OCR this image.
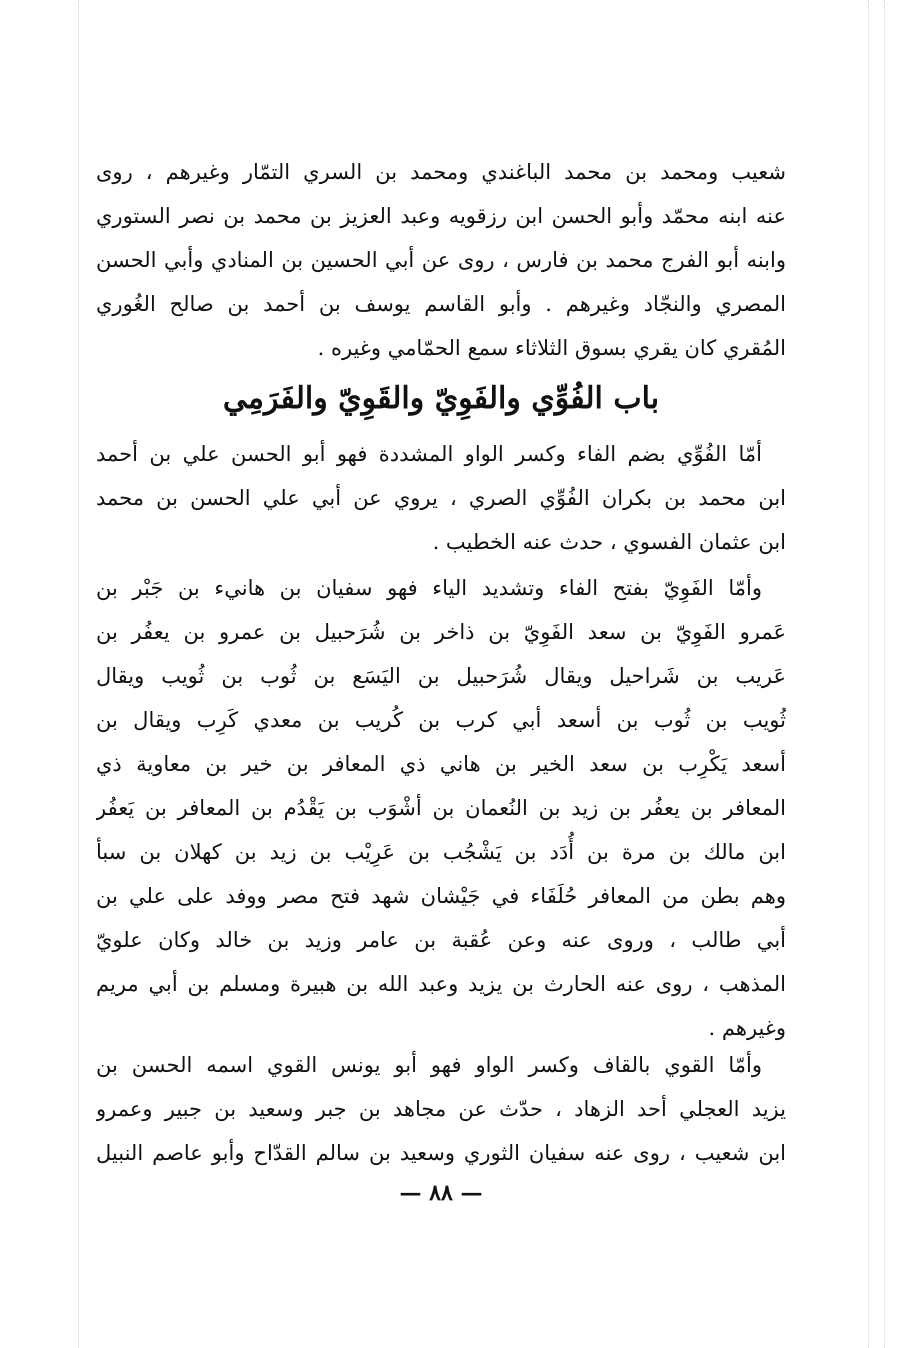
شعيب ومحمد بن محمد الباغندي ومحمد بن السري التمّار وغيرهم ، روى
عنه ابنه محمّد وأبو الحسن ابن رزقويه وعبد العزيز بن محمد بن نصر الستوري
وابنه أبو الفرج محمد بن فارس ، روى عن أبي الحسين بن المنادي وأبي الحسن
المصري والنجّاد وغيرهم . وأبو القاسم يوسف بن أحمد بن صالح الغُوري
المُقري كان يقري بسوق الثلاثاء سمع الحمّامي وغيره .
باب الفُوِّي والفَوِيّ والقَوِيّ والفَرَمِي
أمّا الفُوِّي بضم الفاء وكسر الواو المشددة فهو أبو الحسن علي بن أحمد
ابن محمد بن بكران الفُوِّي الصري ، يروي عن أبي علي الحسن بن محمد
ابن عثمان الفسوي ، حدث عنه الخطيب .
وأمّا الفَوِيّ بفتح الفاء وتشديد الياء فهو سفيان بن هانيء بن جَبْر بن
عَمرو الفَوِيّ بن سعد الفَوِيّ بن ذاخر بن شُرَحبيل بن عمرو بن يعفُر بن
عَريب بن شَراحيل ويقال شُرَحبيل بن اليَسَع بن ثُوب بن ثُويب ويقال
ثُويب بن ثُوب بن أسعد أبي كرب بن كُريب بن معدي كَرِب ويقال بن
أسعد يَكْرِب بن سعد الخير بن هاني ذي المعافر بن خير بن معاوية ذي
المعافر بن يعفُر بن زيد بن النُعمان بن أشْوَب بن يَقْدُم بن المعافر بن يَعفُر
ابن مالك بن مرة بن أُدَد بن يَشْجُب بن عَرِيْب بن زيد بن كهلان بن سبأ
وهم بطن من المعافر حُلَفَاء في جَيْشان شهد فتح مصر ووفد على علي بن
أبي طالب ، وروى عنه وعن عُقبة بن عامر وزيد بن خالد وكان علويّ
المذهب ، روى عنه الحارث بن يزيد وعبد الله بن هبيرة ومسلم بن أبي مريم
وغيرهم .
وأمّا القوي بالقاف وكسر الواو فهو أبو يونس القوي اسمه الحسن بن
يزيد العجلي أحد الزهاد ، حدّث عن مجاهد بن جبر وسعيد بن جبير وعمرو
ابن شعيب ، روى عنه سفيان الثوري وسعيد بن سالم القدّاح وأبو عاصم النبيل
— ٨٨ —
